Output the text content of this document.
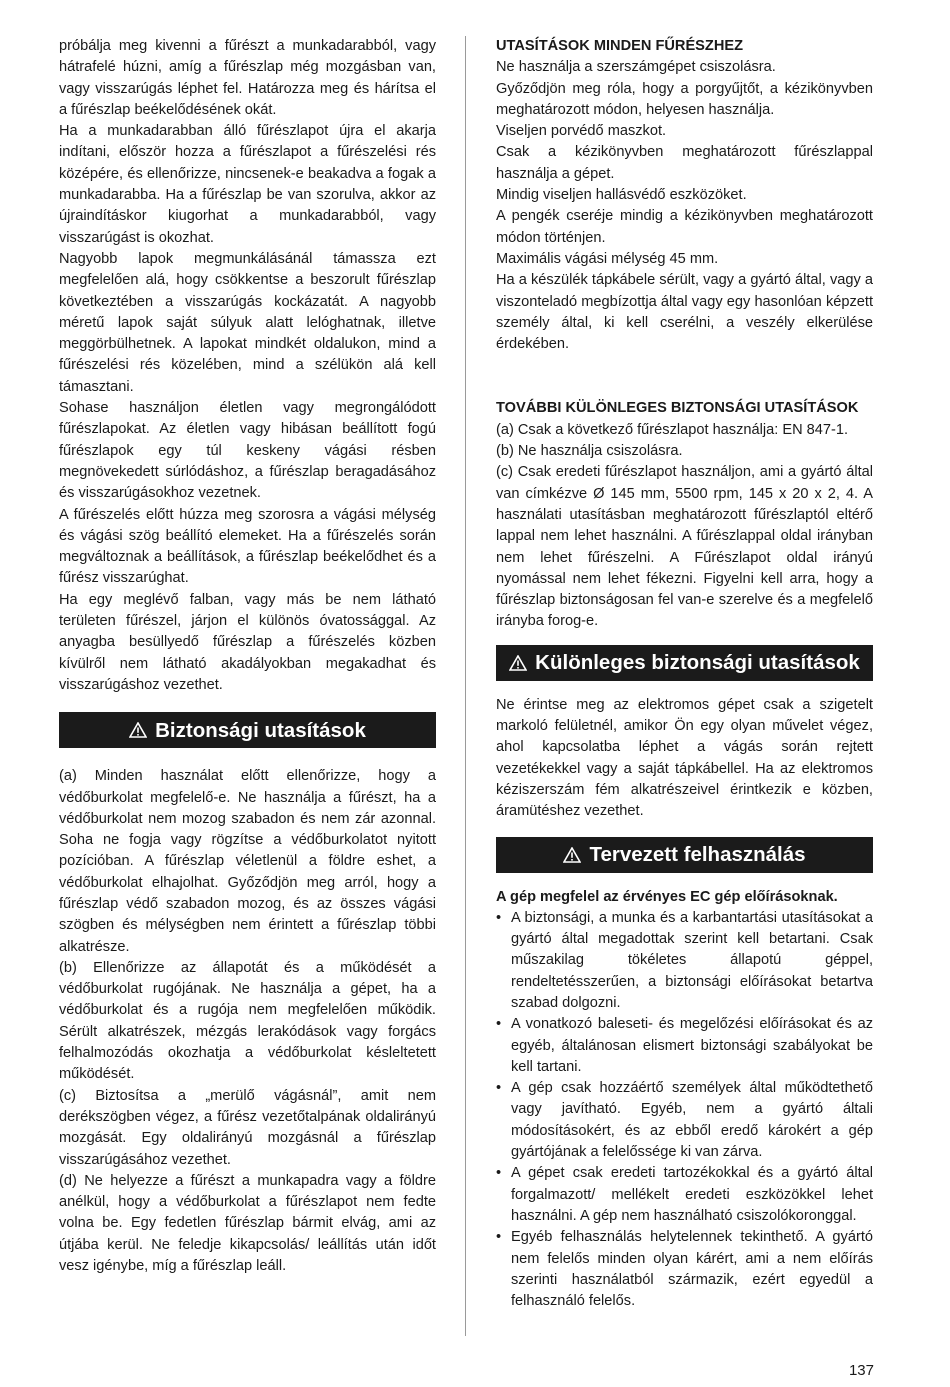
próbálja meg kivenni a fűrészt a munkadarabból, vagy hátrafelé húzni, amíg a fűrészlap még mozgásban van, vagy visszarúgás léphet fel. Határozza meg és hárítsa el a fűrészlap beékelődésének okát.

Ha a munkadarabban álló fűrészlapot újra el akarja indítani, először hozza a fűrészlapot a fűrészelési rés középére, és ellenőrizze, nincsenek-e beakadva a fogak a munkadarabba. Ha a fűrészlap be van szorulva, akkor az újraindításkor kiugorhat a munkadarabból, vagy visszarúgást is okozhat.

Nagyobb lapok megmunkálásánál támassza ezt megfelelően alá, hogy csökkentse a beszorult fűrészlap következtében a visszarúgás kockázatát. A nagyobb méretű lapok saját súlyuk alatt lelóghatnak, illetve meggörbülhetnek. A lapokat mindkét oldalukon, mind a fűrészelési rés közelében, mind a szélükön alá kell támasztani.

Sohase használjon életlen vagy megrongálódott fűrészlapokat. Az életlen vagy hibásan beállított fogú fűrészlapok egy túl keskeny vágási résben megnövekedett súrlódáshoz, a fűrészlap beragadásához és visszarúgásokhoz vezetnek.

A fűrészelés előtt húzza meg szorosra a vágási mélység és vágási szög beállító elemeket. Ha a fűrészelés során megváltoznak a beállítások, a fűrészlap beékelődhet és a fűrész visszarúghat.

Ha egy meglévő falban, vagy más be nem látható területen fűrészel, járjon el különös óvatossággal. Az anyagba besüllyedő fűrészlap a fűrészelés közben kívülről nem látható akadályokban megakadhat és visszarúgáshoz vezethet.

Biztonsági utasítások

(a) Minden használat előtt ellenőrizze, hogy a védőburkolat megfelelő-e. Ne használja a fűrészt, ha a védőburkolat nem mozog szabadon és nem zár azonnal. Soha ne fogja vagy rögzítse a védőburkolatot nyitott pozícióban. A fűrészlap véletlenül a földre eshet, a védőburkolat elhajolhat. Győződjön meg arról, hogy a fűrészlap védő szabadon mozog, és az összes vágási szögben és mélységben nem érintett a fűrészlap többi alkatrésze.

(b) Ellenőrizze az állapotát és a működését a védőburkolat rugójának. Ne használja a gépet, ha a védőburkolat és a rugója nem megfelelően működik. Sérült alkatrészek, mézgás lerakódások vagy forgács felhalmozódás okozhatja a védőburkolat késleltetett működését.

(c) Biztosítsa a „merülő vágásnál”, amit nem derékszögben végez, a fűrész vezetőtalpának oldalirányú mozgását. Egy oldalirányú mozgásnál a fűrészlap visszarúgásához vezethet.

(d) Ne helyezze a fűrészt a munkapadra vagy a földre anélkül, hogy a védőburkolat a fűrészlapot nem fedte volna be. Egy fedetlen fűrészlap bármit elvág, ami az útjába kerül. Ne feledje kikapcsolás/ leállítás után időt vesz igénybe, míg a fűrészlap leáll.

UTASÍTÁSOK MINDEN FŰRÉSZHEZ

Ne használja a szerszámgépet csiszolásra.

Győződjön meg róla, hogy a porgyűjtőt, a kézikönyvben meghatározott módon, helyesen használja.

Viseljen porvédő maszkot.

Csak a kézikönyvben meghatározott fűrészlappal használja a gépet.

Mindig viseljen hallásvédő eszközöket.

A pengék cseréje mindig a kézikönyvben meghatározott módon történjen.

Maximális vágási mélység 45 mm.

Ha a készülék tápkábele sérült, vagy a gyártó által, vagy a viszonteladó megbízottja által vagy egy hasonlóan képzett személy által, ki kell cserélni, a veszély elkerülése érdekében.

TOVÁBBI KÜLÖNLEGES BIZTONSÁGI UTASÍTÁSOK

(a) Csak a következő fűrészlapot használja: EN 847-1.

(b) Ne használja csiszolásra.

(c) Csak eredeti fűrészlapot használjon, ami a gyártó által van címkézve Ø 145 mm, 5500 rpm, 145 x 20 x 2, 4. A használati utasításban meghatározott fűrészlaptól eltérő lappal nem lehet használni. A fűrészlappal oldal irányban nem lehet fűrészelni. A Fűrészlapot oldal irányú nyomással nem lehet fékezni. Figyelni kell arra, hogy a fűrészlap biztonságosan fel van-e szerelve és a megfelelő irányba forog-e.

Különleges biztonsági utasítások

Ne érintse meg az elektromos gépet csak a szigetelt markoló felületnél, amikor Ön egy olyan művelet végez, ahol kapcsolatba léphet a vágás során rejtett vezetékekkel vagy a saját tápkábellel. Ha az elektromos kéziszerszám fém alkatrészeivel érintkezik e közben, áramütéshez vezethet.

Tervezett felhasználás

A gép megfelel az érvényes EC gép előírásoknak.

• A biztonsági, a munka és a karbantartási utasításokat a gyártó által megadottak szerint kell betartani. Csak műszakilag tökéletes állapotú géppel, rendeltetésszerűen, a biztonsági előírásokat betartva szabad dolgozni.
• A vonatkozó baleseti- és megelőzési előírásokat és az egyéb, általánosan elismert biztonsági szabályokat be kell tartani.
• A gép csak hozzáértő személyek által működtethető vagy javítható. Egyéb, nem a gyártó általi módosításokért, és az ebből eredő károkért a gép gyártójának a felelőssége ki van zárva.
• A gépet csak eredeti tartozékokkal és a gyártó által forgalmazott/ mellékelt eredeti eszközökkel lehet használni. A gép nem használható csiszolókoronggal.
• Egyéb felhasználás helytelennek tekinthető. A gyártó nem felelős minden olyan kárért, ami a nem előírás szerinti használatból származik, ezért egyedül a felhasználó felelős.
137
